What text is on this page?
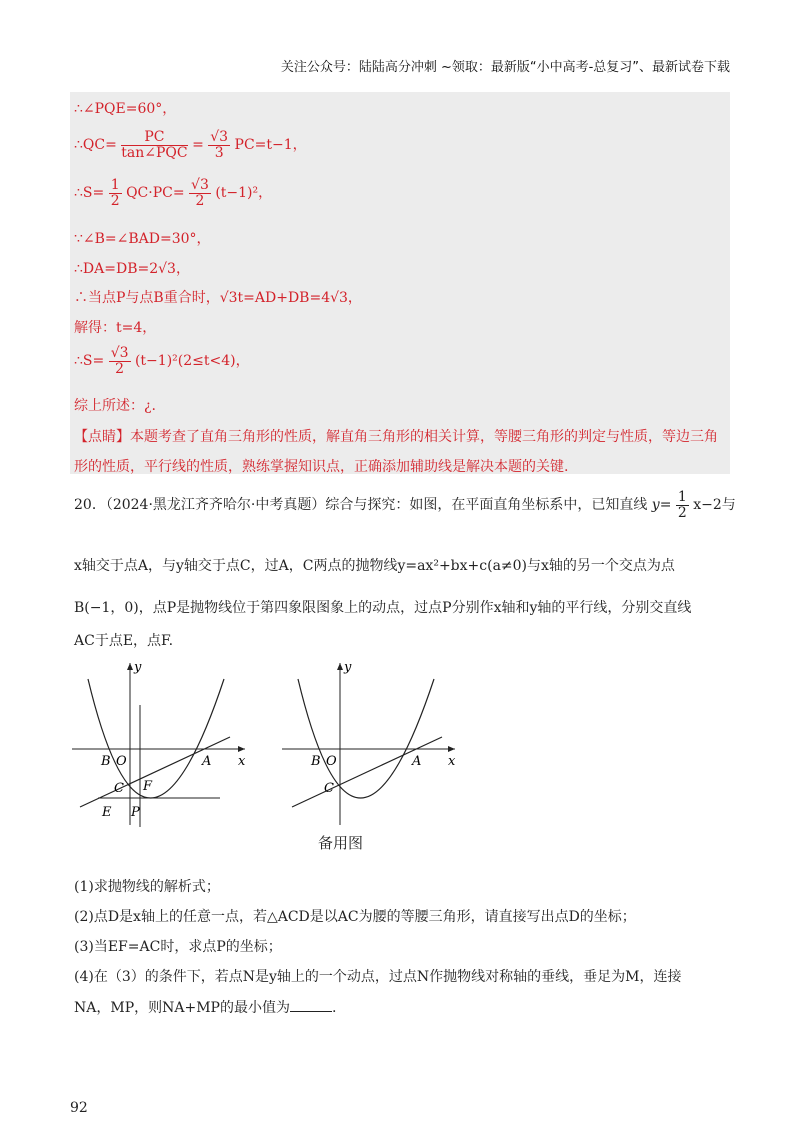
关注公众号：陆陆高分冲刺 ~领取：最新版“小中高考-总复习”、最新试卷下载
∴∠PQE=60°，
∴QC= $\frac{PC}{\text{tan∠PQC}} = \frac{√3}{3} PC=t-1$，
∴S= $\frac{1}{2} QC\cdot PC= \frac{√3}{2} (t-1)^2$，
∵∠B=∠BAD=30°，
∴DA=DB=2√3，
∴当点P与点B重合时，√3t=AD+DB=4√3，
解得：t=4，
∴S= $\frac{√3}{2} (t-1)^2(2\le t<4)$，
综上所述：¿.
【点睛】本题考查了直角三角形的性质，解直角三角形的相关计算，等腰三角形的判定与性质，等边三角形的性质，平行线的性质，熟练掌握知识点，正确添加辅助线是解决本题的关键.
20．（2024·黑龙江齐齐哈尔·中考真题）综合与探究：如图，在平面直角坐标系中，已知直线 $y= \frac{1}{2} x-2$与
x轴交于点A，与y轴交于点C，过A，C两点的抛物线y=ax²+bx+c(a≠0)与x轴的另一个交点为点
B(−1，0)，点P是抛物线位于第四象限图象上的动点，过点P分别作x轴和y轴的平行线，分别交直线
AC于点E，点F.
y
x
O	A
B
C
E
F
P
y
x
O	A
B
C
备用图
(1)求抛物线的解析式；
(2)点D是x轴上的任意一点，若△ACD是以AC为腰的等腰三角形，请直接写出点D的坐标；
(3)当EF=AC时，求点P的坐标；
(4)在（3）的条件下，若点N是y轴上的一个动点，过点N作抛物线对称轴的垂线，垂足为M，连接
NA，MP，则NA+MP的最小值为	.
92
